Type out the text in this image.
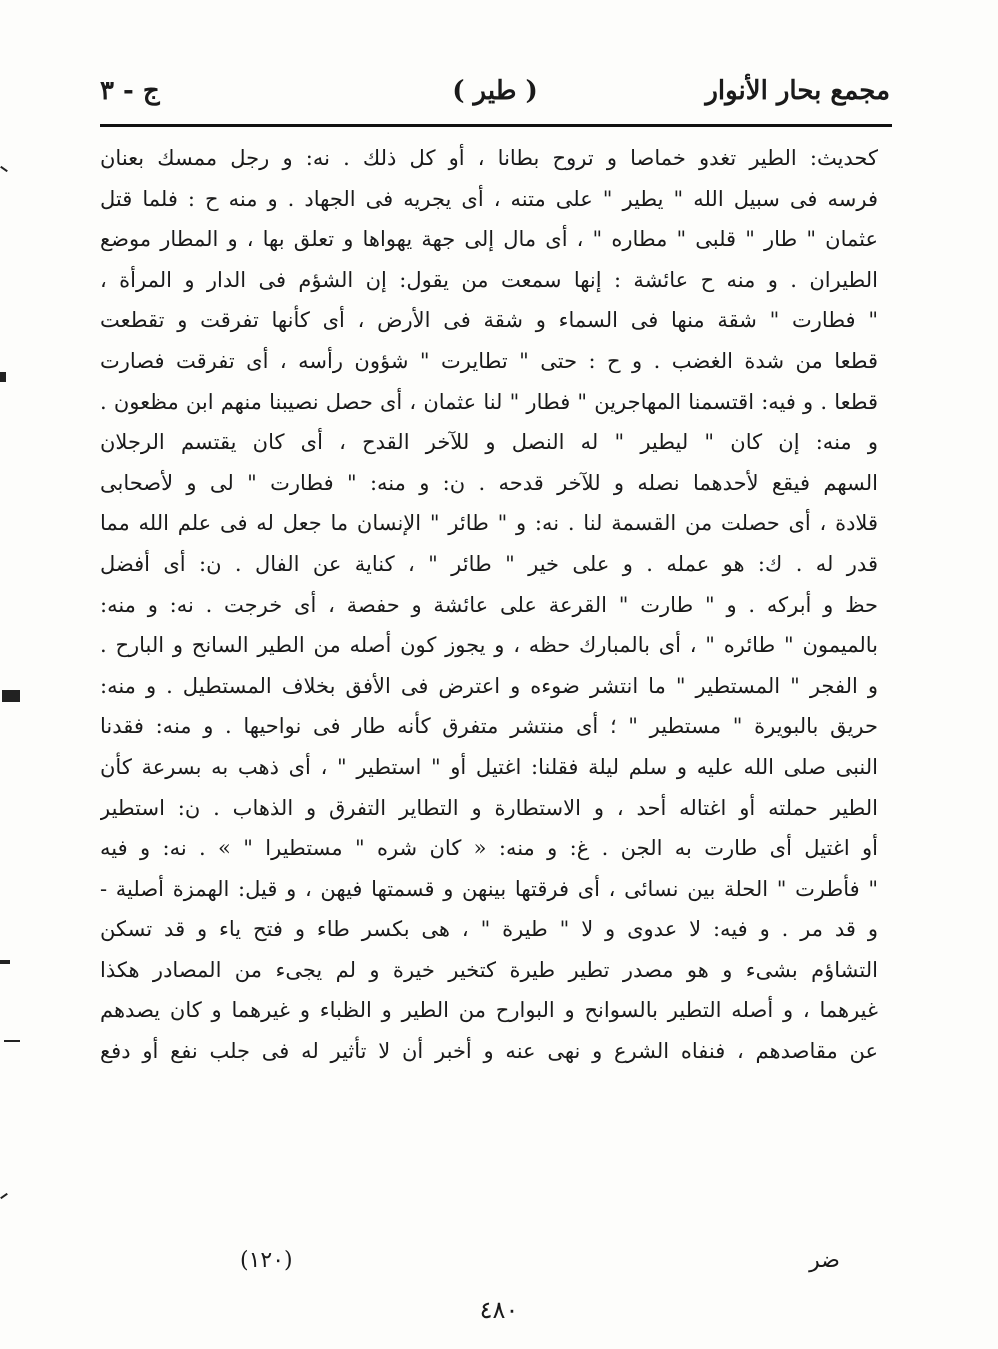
مجمع بحار الأنوار
( طير )
ج - ٣
كحديث: الطير تغدو خماصا و تروح بطانا ، أو كل ذلك . نه: و رجل ممسك بعنان
فرسه فى سبيل الله " يطير " على متنه ، أى يجريه فى الجهاد . و منه ح : فلما قتل
عثمان " طار " قلبى " مطاره " ، أى مال إلى جهة يهواها و تعلق بها ، و المطار موضع
الطيران . و منه ح عائشة : إنها سمعت من يقول: إن الشؤم فى الدار و المرأة ،
" فطارت " شقة منها فى السماء و شقة فى الأرض ، أى كأنها تفرقت و تقطعت
قطعا من شدة الغضب . و ح : حتى " تطايرت " شؤون رأسه ، أى تفرقت فصارت
قطعا . و فيه: اقتسمنا المهاجرين " فطار " لنا عثمان ، أى حصل نصيبنا منهم ابن مظعون .
و منه: إن كان " ليطير " له النصل و للآخر القدح ، أى كان يقتسم الرجلان
السهم فيقع لأحدهما نصله و للآخر قدحه . ن: و منه: " فطارت " لى و لأصحابى
قلادة ، أى حصلت من القسمة لنا . نه: و " طائر " الإنسان ما جعل له فى علم الله مما
قدر له . ك: هو عمله . و على خير " طائر " ، كناية عن الفال . ن: أى أفضل
حظ و أبركه . و " طارت " القرعة على عائشة و حفصة ، أى خرجت . نه: و منه:
بالميمون " طائره " ، أى بالمبارك حظه ، و يجوز كون أصله من الطير السانح و البارح .
و الفجر " المستطير " ما انتشر ضوءه و اعترض فى الأفق بخلاف المستطيل . و منه:
حريق بالبويرة " مستطير " ؛ أى منتشر متفرق كأنه طار فى نواحيها . و منه: فقدنا
النبى صلى الله عليه و سلم ليلة فقلنا: اغتيل أو " استطير " ، أى ذهب به بسرعة كأن
الطير حملته أو اغتاله أحد ، و الاستطارة و التطاير التفرق و الذهاب . ن: استطير
أو اغتيل أى طارت به الجن . غ: و منه: « كان شره " مستطيرا " » . نه: و فيه
" فأطرت " الحلة بين نسائى ، أى فرقتها بينهن و قسمتها فيهن ، و قيل: الهمزة أصلية -
و قد مر . و فيه: لا عدوى و لا " طيرة " ، هى بكسر طاء و فتح ياء و قد تسكن
التشاؤم بشىء و هو مصدر تطير طيرة كتخير خيرة و لم يجىء من المصادر هكذا
غيرهما ، و أصله التطير بالسوانح و البوارح من الطير و الظباء و غيرهما و كان يصدهم
عن مقاصدهم ، فنفاه الشرع و نهى عنه و أخبر أن لا تأثير له فى جلب نفع أو دفع
ضر
(١٢٠)
٤٨٠
